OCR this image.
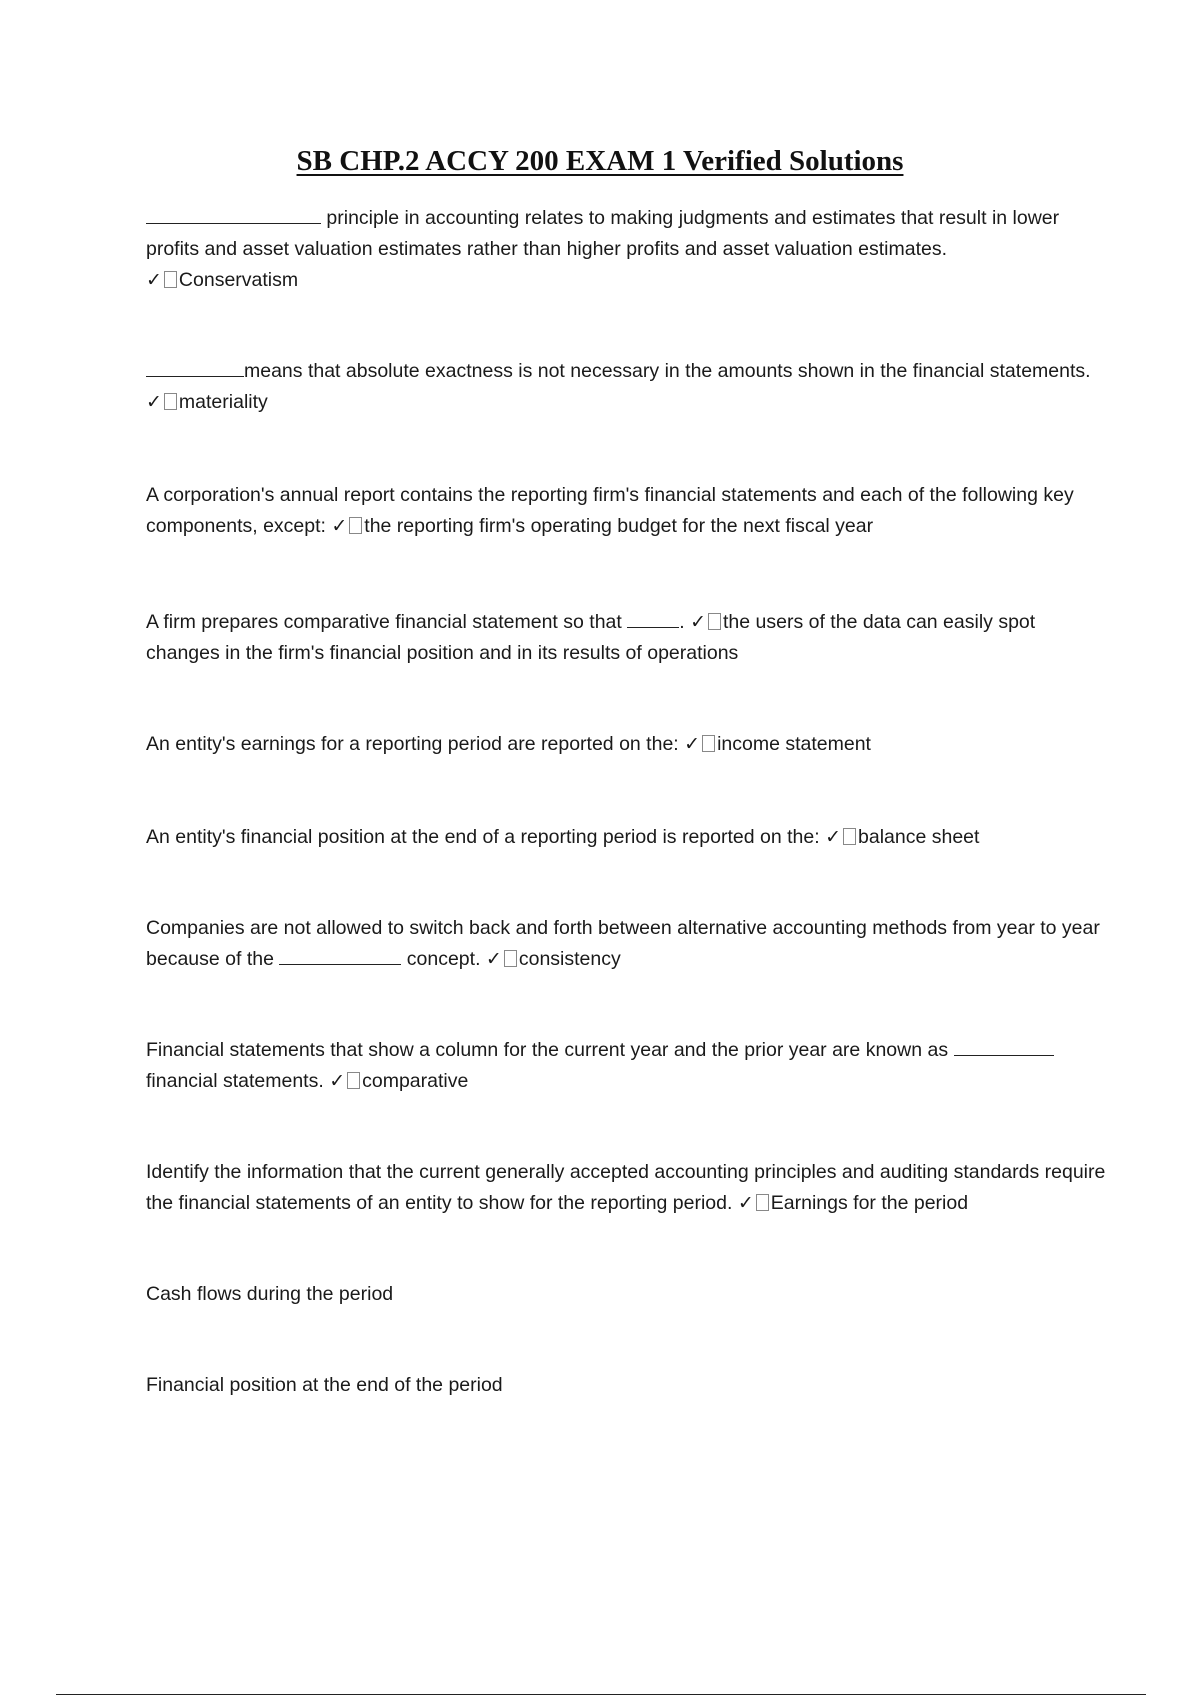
SB CHP.2 ACCY 200 EXAM 1 Verified Solutions

principle in accounting relates to making judgments and estimates that result in lower profits and asset valuation estimates rather than higher profits and asset valuation estimates.
✓ Conservatism

means that absolute exactness is not necessary in the amounts shown in the financial statements. ✓ materiality

A corporation's annual report contains the reporting firm's financial statements and each of the following key components, except: ✓ the reporting firm's operating budget for the next fiscal year

A firm prepares comparative financial statement so that	. ✓ the users of the data can easily spot changes in the firm's financial position and in its results of operations

An entity's earnings for a reporting period are reported on the: ✓ income statement

An entity's financial position at the end of a reporting period is reported on the: ✓ balance sheet

Companies are not allowed to switch back and forth between alternative accounting methods from year to year because of the	concept. ✓ consistency

Financial statements that show a column for the current year and the prior year are known as  financial statements. ✓ comparative

Identify the information that the current generally accepted accounting principles and auditing standards require the financial statements of an entity to show for the reporting period. ✓ Earnings for the period

Cash flows during the period

Financial position at the end of the period
